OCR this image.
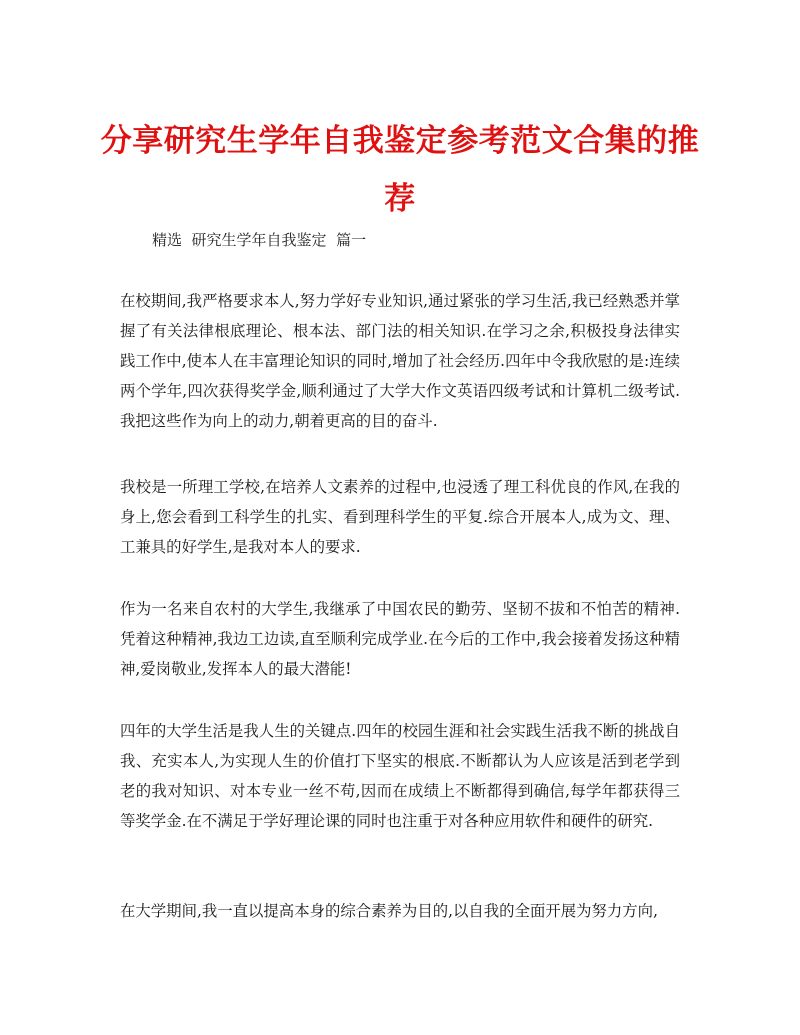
分享研究生学年自我鉴定参考范文合集的推荐

精选  研究生学年自我鉴定  篇一

在校期间,我严格要求本人,努力学好专业知识,通过紧张的学习生活,我已经熟悉并掌握了有关法律根底理论、根本法、部门法的相关知识.在学习之余,积极投身法律实践工作中,使本人在丰富理论知识的同时,增加了社会经历.四年中令我欣慰的是:连续两个学年,四次获得奖学金,顺利通过了大学大作文英语四级考试和计算机二级考试.我把这些作为向上的动力,朝着更高的目的奋斗.

我校是一所理工学校,在培养人文素养的过程中,也浸透了理工科优良的作风,在我的身上,您会看到工科学生的扎实、看到理科学生的平复.综合开展本人,成为文、理、工兼具的好学生,是我对本人的要求.

作为一名来自农村的大学生,我继承了中国农民的勤劳、坚韧不拔和不怕苦的精神.凭着这种精神,我边工边读,直至顺利完成学业.在今后的工作中,我会接着发扬这种精神,爱岗敬业,发挥本人的最大潜能!

四年的大学生活是我人生的关键点.四年的校园生涯和社会实践生活我不断的挑战自我、充实本人,为实现人生的价值打下坚实的根底.不断都认为人应该是活到老学到老的我对知识、对本专业一丝不苟,因而在成绩上不断都得到确信,每学年都获得三等奖学金.在不满足于学好理论课的同时也注重于对各种应用软件和硬件的研究.

在大学期间,我一直以提高本身的综合素养为目的,以自我的全面开展为努力方向,
